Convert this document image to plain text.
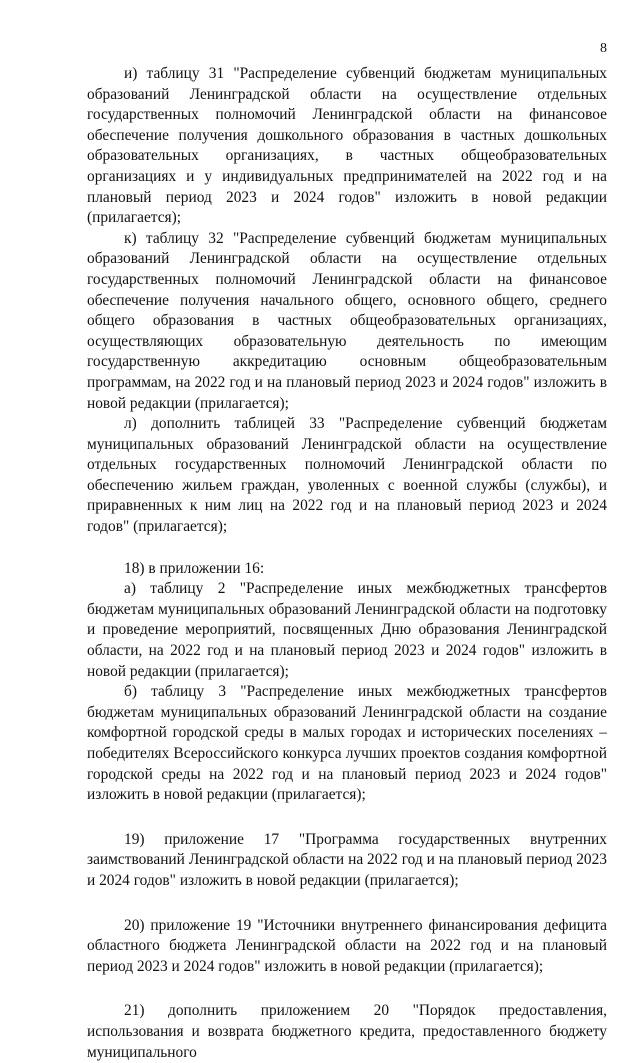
8

и) таблицу 31 "Распределение субвенций бюджетам муниципальных образований Ленинградской области на осуществление отдельных государственных полномочий Ленинградской области на финансовое обеспечение получения дошкольного образования в частных дошкольных образовательных организациях, в частных общеобразовательных организациях и у индивидуальных предпринимателей на 2022 год и на плановый период 2023 и 2024 годов" изложить в новой редакции (прилагается);

к) таблицу 32 "Распределение субвенций бюджетам муниципальных образований Ленинградской области на осуществление отдельных государственных полномочий Ленинградской области на финансовое обеспечение получения начального общего, основного общего, среднего общего образования в частных общеобразовательных организациях, осуществляющих образовательную деятельность по имеющим государственную аккредитацию основным общеобразовательным программам, на 2022 год и на плановый период 2023 и 2024 годов" изложить в новой редакции (прилагается);

л) дополнить таблицей 33 "Распределение субвенций бюджетам муниципальных образований Ленинградской области на осуществление отдельных государственных полномочий Ленинградской области по обеспечению жильем граждан, уволенных с военной службы (службы), и приравненных к ним лиц на 2022 год и на плановый период 2023 и 2024 годов" (прилагается);

18) в приложении 16:

а) таблицу 2 "Распределение иных межбюджетных трансфертов бюджетам муниципальных образований Ленинградской области на подготовку и проведение мероприятий, посвященных Дню образования Ленинградской области, на 2022 год и на плановый период 2023 и 2024 годов" изложить в новой редакции (прилагается);

б) таблицу 3 "Распределение иных межбюджетных трансфертов бюджетам муниципальных образований Ленинградской области на создание комфортной городской среды в малых городах и исторических поселениях – победителях Всероссийского конкурса лучших проектов создания комфортной городской среды на 2022 год и на плановый период 2023 и 2024 годов" изложить в новой редакции (прилагается);

19) приложение 17 "Программа государственных внутренних заимствований Ленинградской области на 2022 год и на плановый период 2023 и 2024 годов" изложить в новой редакции (прилагается);

20) приложение 19 "Источники внутреннего финансирования дефицита областного бюджета Ленинградской области на 2022 год и на плановый период 2023 и 2024 годов" изложить в новой редакции (прилагается);

21) дополнить приложением 20 "Порядок предоставления, использования и возврата бюджетного кредита, предоставленного бюджету муниципального
